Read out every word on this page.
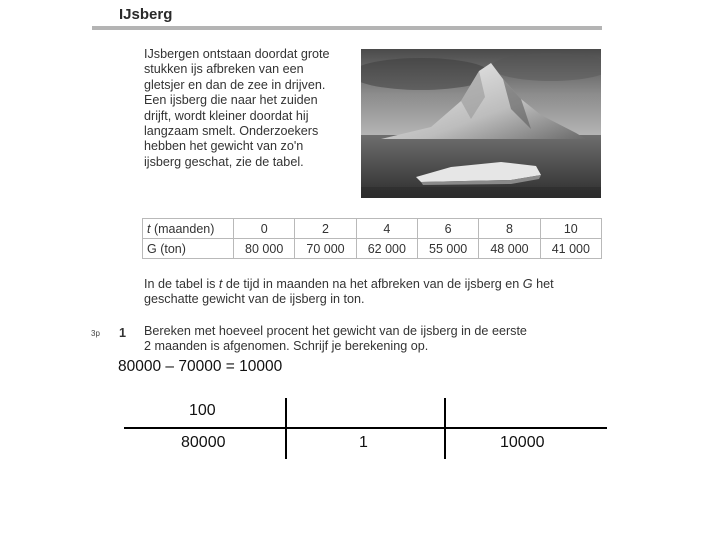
IJsberg
IJsbergen ontstaan doordat grote
stukken ijs afbreken van een
gletsjer en dan de zee in drijven.
Een ijsberg die naar het zuiden
drijft, wordt kleiner doordat hij
langzaam smelt. Onderzoekers
hebben het gewicht van zo'n
ijsberg geschat, zie de tabel.
t (maanden)	0	2	4	6	8	10
G (ton)	80 000	70 000	62 000	55 000	48 000	41 000
In de tabel is t de tijd in maanden na het afbreken van de ijsberg en G het
geschatte gewicht van de ijsberg in ton.
3p 1 Bereken met hoeveel procent het gewicht van de ijsberg in de eerste
2 maanden is afgenomen. Schrijf je berekening op.
80000 – 70000 = 10000
100
80000	1	10000
